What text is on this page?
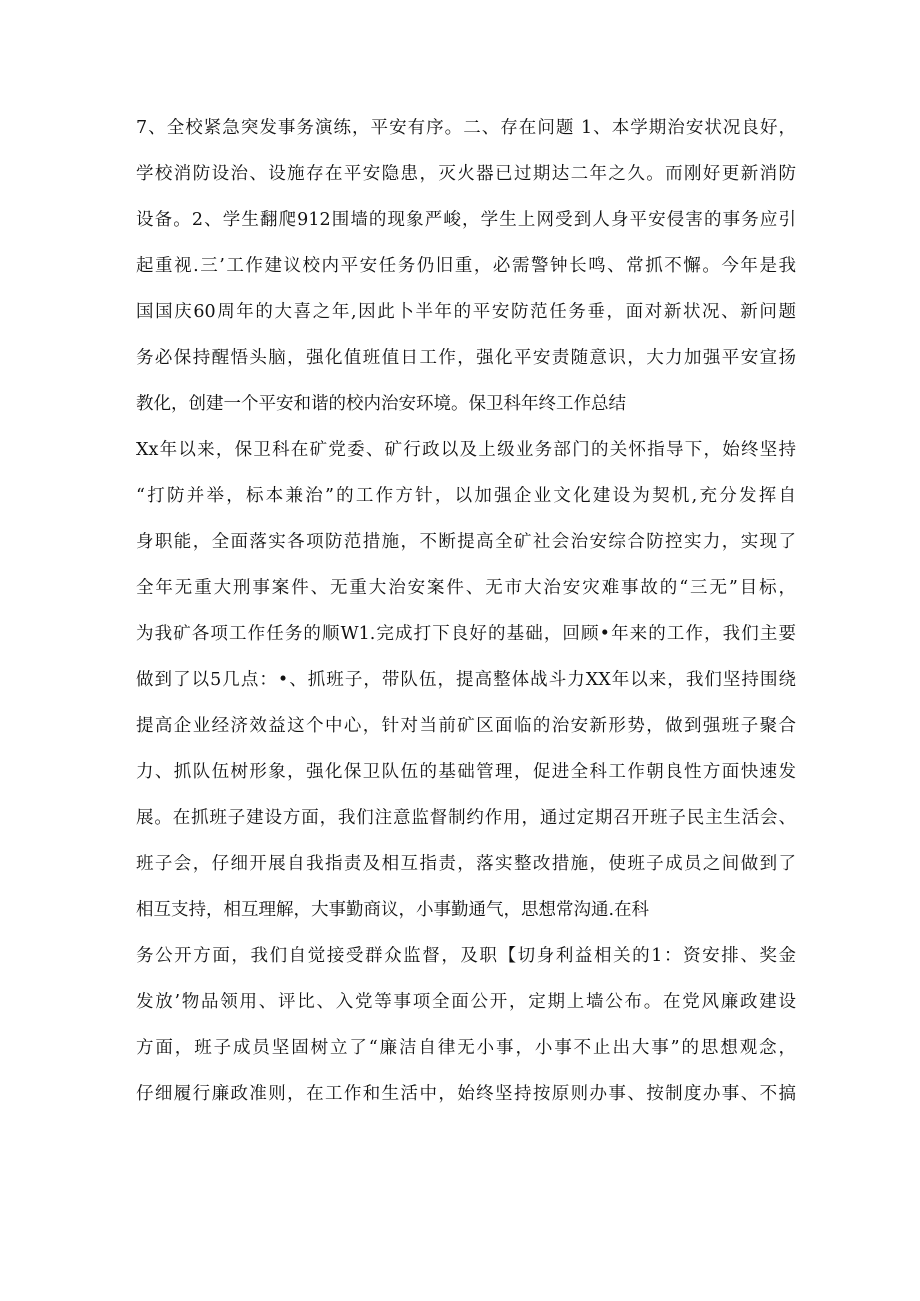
7、全校紧急突发事务演练，平安有序。二、存在问题 1、本学期治安状况良好，
学校消防设治、设施存在平安隐患，灭火器已过期达二年之久。而刚好更新消防
设备。2、学生翻爬912围墙的现象严峻，学生上网受到人身平安侵害的事务应引
起重视.三’工作建议校内平安任务仍旧重，必需警钟长鸣、常抓不懈。今年是我
国国庆60周年的大喜之年,因此卜半年的平安防范任务垂，面对新状况、新问题
务必保持醒悟头脑，强化值班值日工作，强化平安责随意识，大力加强平安宣扬
教化，创建一个平安和谐的校内治安环境。保卫科年终工作总结
Xx年以来，保卫科在矿党委、矿行政以及上级业务部门的关怀指导下，始终坚持
“打防并举，标本兼治”的工作方针，以加强企业文化建设为契机,充分发挥自
身职能，全面落实各项防范措施，不断提高全矿社会治安综合防控实力，实现了
全年无重大刑事案件、无重大治安案件、无市大治安灾难事故的“三无”目标，
为我矿各项工作任务的顺W1.完成打下良好的基础，回顾•年来的工作，我们主要
做到了以5几点：•、抓班子，带队伍，提高整体战斗力XX年以来，我们坚持围绕
提高企业经济效益这个中心，针对当前矿区面临的治安新形势，做到强班子聚合
力、抓队伍树形象，强化保卫队伍的基础管理，促进全科工作朝良性方面快速发
展。在抓班子建设方面，我们注意监督制约作用，通过定期召开班子民主生活会、
班子会，仔细开展自我指责及相互指责，落实整改措施，使班子成员之间做到了
相互支持，相互理解，大事勤商议，小事勤通气，思想常沟通.在科
务公开方面，我们自觉接受群众监督，及职【切身利益相关的1：资安排、奖金
发放’物品领用、评比、入党等事项全面公开，定期上墙公布。在党风廉政建设
方面，班子成员坚固树立了“廉洁自律无小事，小事不止出大事”的思想观念，
仔细履行廉政准则，在工作和生活中，始终坚持按原则办事、按制度办事、不搞
